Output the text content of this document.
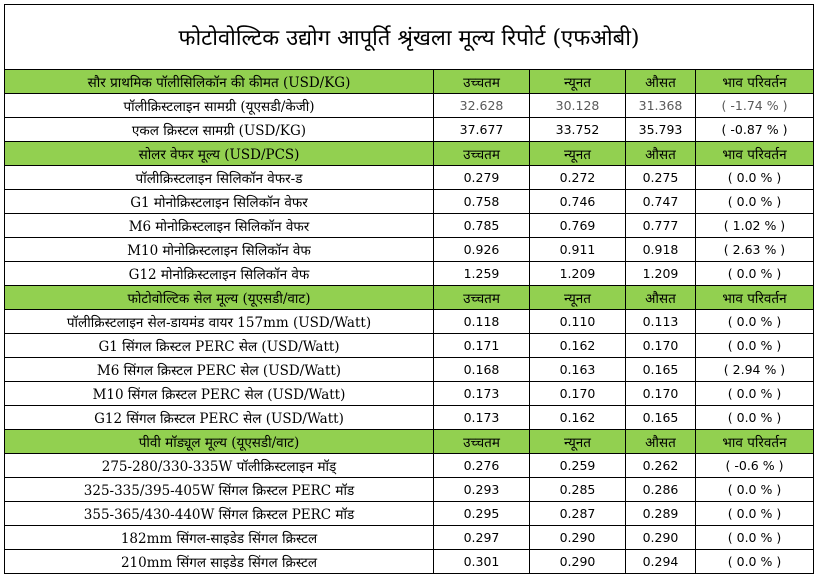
फोटोवोल्टिक उद्योग आपूर्ति श्रृंखला मूल्य रिपोर्ट (एफओबी)				
सौर प्राथमिक पॉलीसिलिकॉन की कीमत (USD/KG)	उच्चतम	न्यूनत	औसत	भाव परिवर्तन
पॉलीक्रिस्टलाइन सामग्री (यूएसडी/केजी)	32.628	30.128	31.368	( -1.74 % )
एकल क्रिस्टल सामग्री (USD/KG)	37.677	33.752	35.793	( -0.87 % )
सोलर वेफर मूल्य (USD/PCS)	उच्चतम	न्यूनत	औसत	भाव परिवर्तन
पॉलीक्रिस्टलाइन सिलिकॉन वेफर-ड	0.279	0.272	0.275	( 0.0 % )
G1 मोनोक्रिस्टलाइन सिलिकॉन वेफर	0.758	0.746	0.747	( 0.0 % )
M6 मोनोक्रिस्टलाइन सिलिकॉन वेफर	0.785	0.769	0.777	( 1.02 % )
M10 मोनोक्रिस्टलाइन सिलिकॉन वेफ	0.926	0.911	0.918	( 2.63 % )
G12 मोनोक्रिस्टलाइन सिलिकॉन वेफ	1.259	1.209	1.209	( 0.0 % )
फोटोवोल्टिक सेल मूल्य (यूएसडी/वाट)	उच्चतम	न्यूनत	औसत	भाव परिवर्तन
पॉलीक्रिस्टलाइन सेल-डायमंड वायर 157mm (USD/Watt)	0.118	0.110	0.113	( 0.0 % )
G1 सिंगल क्रिस्टल PERC सेल (USD/Watt)	0.171	0.162	0.170	( 0.0 % )
M6 सिंगल क्रिस्टल PERC सेल (USD/Watt)	0.168	0.163	0.165	( 2.94 % )
M10 सिंगल क्रिस्टल PERC सेल (USD/Watt)	0.173	0.170	0.170	( 0.0 % )
G12 सिंगल क्रिस्टल PERC सेल (USD/Watt)	0.173	0.162	0.165	( 0.0 % )
पीवी मॉड्यूल मूल्य (यूएसडी/वाट)	उच्चतम	न्यूनत	औसत	भाव परिवर्तन
275-280/330-335W पॉलीक्रिस्टलाइन मॉड्	0.276	0.259	0.262	( -0.6 % )
325-335/395-405W सिंगल क्रिस्टल PERC मॉड	0.293	0.285	0.286	( 0.0 % )
355-365/430-440W सिंगल क्रिस्टल PERC मॉड	0.295	0.287	0.289	( 0.0 % )
182mm सिंगल-साइडेड सिंगल क्रिस्टल	0.297	0.290	0.290	( 0.0 % )
210mm सिंगल साइडेड सिंगल क्रिस्टल	0.301	0.290	0.294	( 0.0 % )
